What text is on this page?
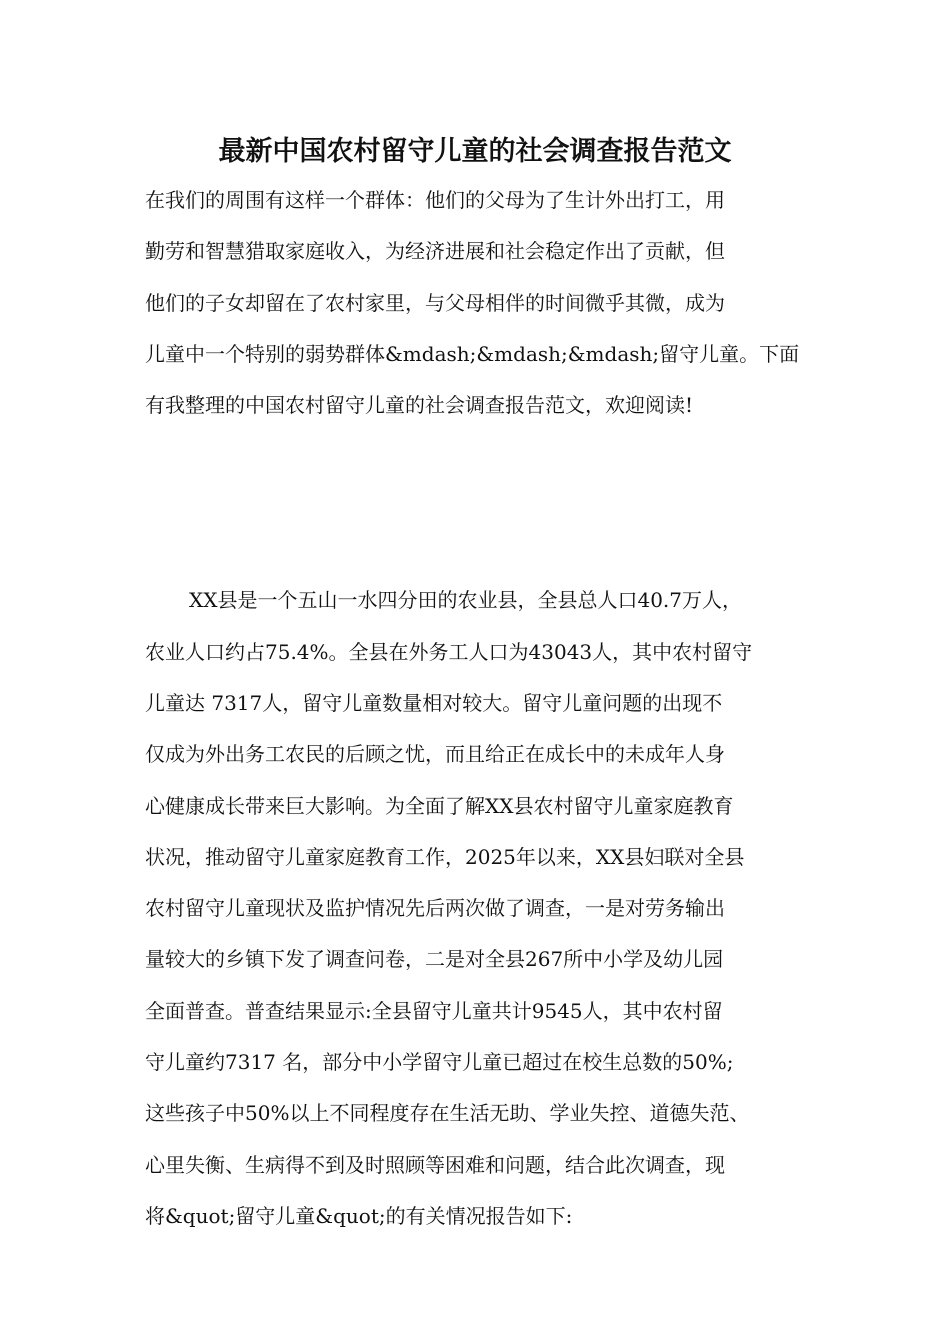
最新中国农村留守儿童的社会调查报告范文

在我们的周围有这样一个群体：他们的父母为了生计外出打工，用

勤劳和智慧猎取家庭收入，为经济进展和社会稳定作出了贡献，但

他们的子女却留在了农村家里，与父母相伴的时间微乎其微，成为

儿童中一个特别的弱势群体&mdash;&mdash;&mdash;留守儿童。下面

有我整理的中国农村留守儿童的社会调查报告范文，欢迎阅读!

XX县是一个五山一水四分田的农业县，全县总人口40.7万人，

农业人口约占75.4%。全县在外务工人口为43043人，其中农村留守

儿童达 7317人，留守儿童数量相对较大。留守儿童问题的出现不

仅成为外出务工农民的后顾之忧，而且给正在成长中的未成年人身

心健康成长带来巨大影响。为全面了解XX县农村留守儿童家庭教育

状况，推动留守儿童家庭教育工作，2025年以来，XX县妇联对全县

农村留守儿童现状及监护情况先后两次做了调查，一是对劳务输出

量较大的乡镇下发了调查问卷，二是对全县267所中小学及幼儿园

全面普查。普查结果显示:全县留守儿童共计9545人，其中农村留

守儿童约7317 名，部分中小学留守儿童已超过在校生总数的50%;

这些孩子中50%以上不同程度存在生活无助、学业失控、道德失范、

心里失衡、生病得不到及时照顾等困难和问题，结合此次调查，现

将&quot;留守儿童&quot;的有关情况报告如下:
